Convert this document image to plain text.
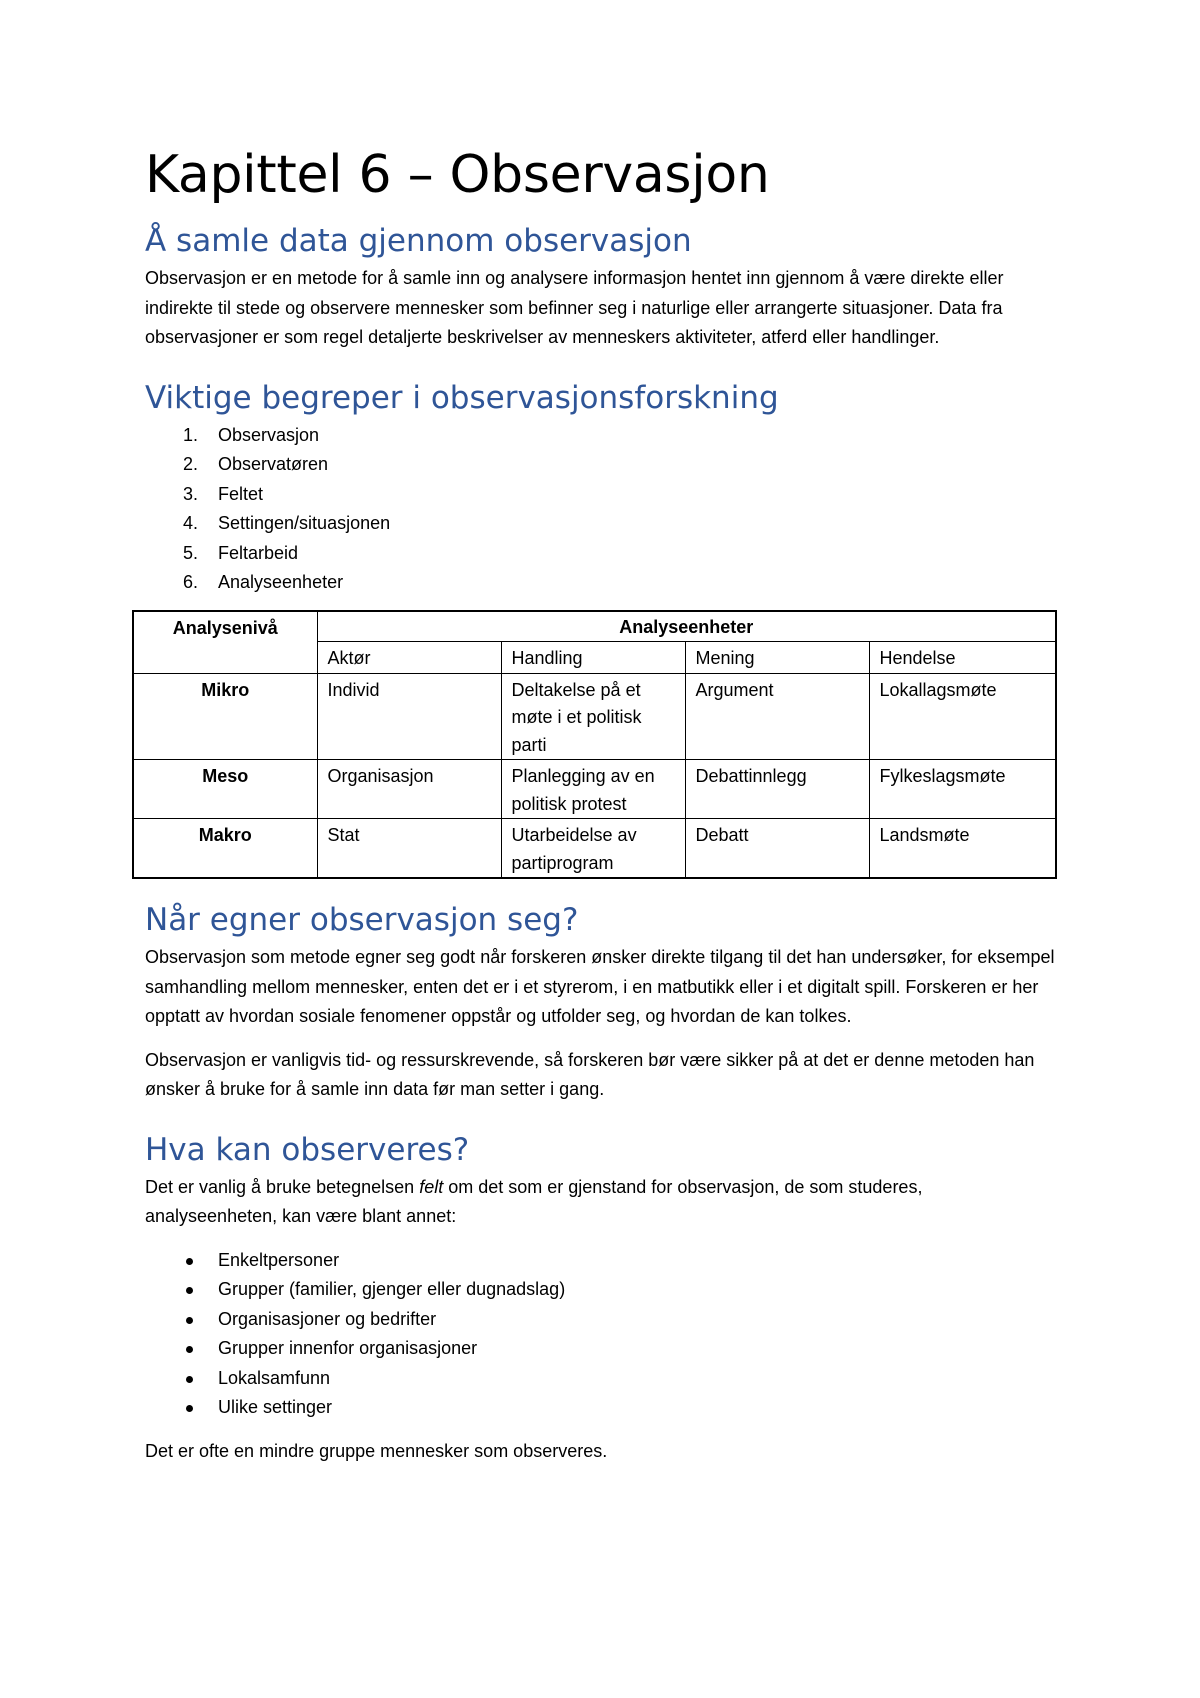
Kapittel 6 – Observasjon
Å samle data gjennom observasjon

Observasjon er en metode for å samle inn og analysere informasjon hentet inn gjennom å være direkte eller indirekte til stede og observere mennesker som befinner seg i naturlige eller arrangerte situasjoner. Data fra observasjoner er som regel detaljerte beskrivelser av menneskers aktiviteter, atferd eller handlinger.

Viktige begreper i observasjonsforskning
1. Observasjon
2. Observatøren
3. Feltet
4. Settingen/situasjonen
5. Feltarbeid
6. Analyseenheter
Analysenivå	Analyseenheter			
	Aktør	Handling	Mening	Hendelse
Mikro	Individ	Deltakelse på et møte i et politisk parti	Argument	Lokallagsmøte
Meso	Organisasjon	Planlegging av en politisk protest	Debattinnlegg	Fylkeslagsmøte
Makro	Stat	Utarbeidelse av partiprogram	Debatt	Landsmøte
Når egner observasjon seg?

Observasjon som metode egner seg godt når forskeren ønsker direkte tilgang til det han undersøker, for eksempel samhandling mellom mennesker, enten det er i et styrerom, i en matbutikk eller i et digitalt spill. Forskeren er her opptatt av hvordan sosiale fenomener oppstår og utfolder seg, og hvordan de kan tolkes.

Observasjon er vanligvis tid- og ressurskrevende, så forskeren bør være sikker på at det er denne metoden han ønsker å bruke for å samle inn data før man setter i gang.

Hva kan observeres?

Det er vanlig å bruke betegnelsen felt om det som er gjenstand for observasjon, de som studeres, analyseenheten, kan være blant annet:

Enkeltpersoner
Grupper (familier, gjenger eller dugnadslag)
Organisasjoner og bedrifter
Grupper innenfor organisasjoner
Lokalsamfunn
Ulike settinger

Det er ofte en mindre gruppe mennesker som observeres.
